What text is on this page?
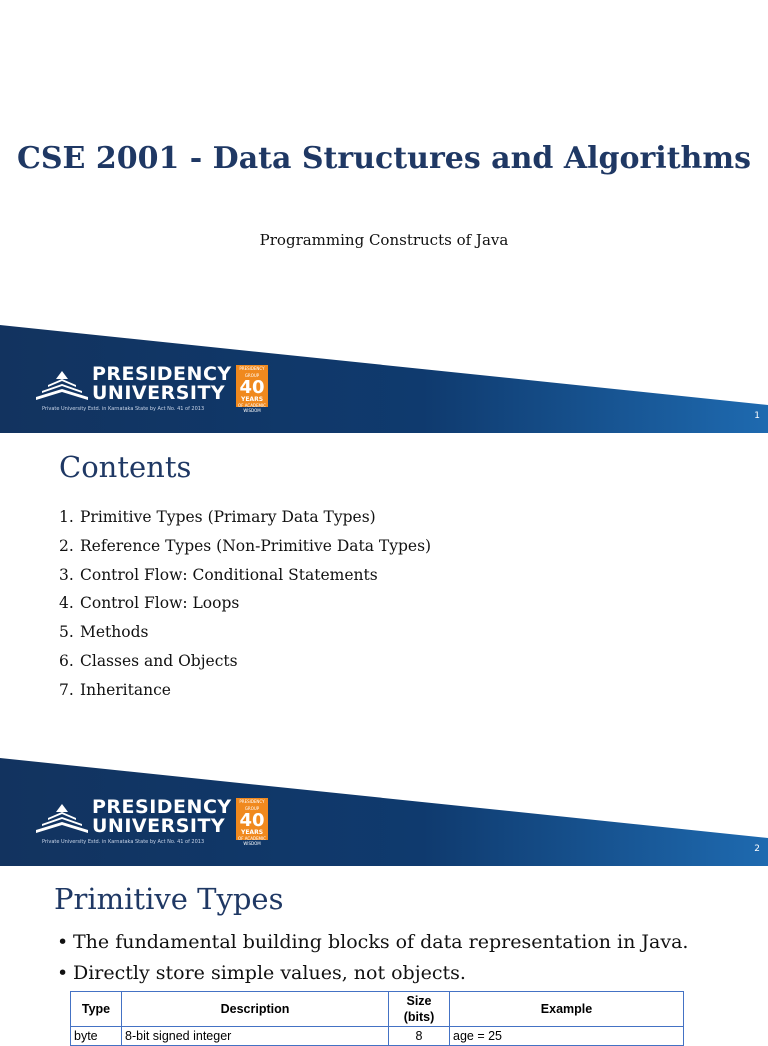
CSE 2001 - Data Structures and Algorithms
Programming Constructs of Java
PRESIDENCY
UNIVERSITY
Private University Estd. in Karnataka State by Act No. 41 of 2013
PRESIDENCY GROUP
40
YEARS
OF ACADEMIC WISDOM
1
Contents
1. Primitive Types (Primary Data Types)
2. Reference Types (Non-Primitive Data Types)
3. Control Flow: Conditional Statements
4. Control Flow: Loops
5. Methods
6. Classes and Objects
7. Inheritance
PRESIDENCY
UNIVERSITY
Private University Estd. in Karnataka State by Act No. 41 of 2013
PRESIDENCY GROUP
40
YEARS
OF ACADEMIC WISDOM
2
Primitive Types
• The fundamental building blocks of data representation in Java.
• Directly store simple values, not objects.
Type	Description	Size (bits)	Example
byte	8-bit signed integer	8	age = 25
